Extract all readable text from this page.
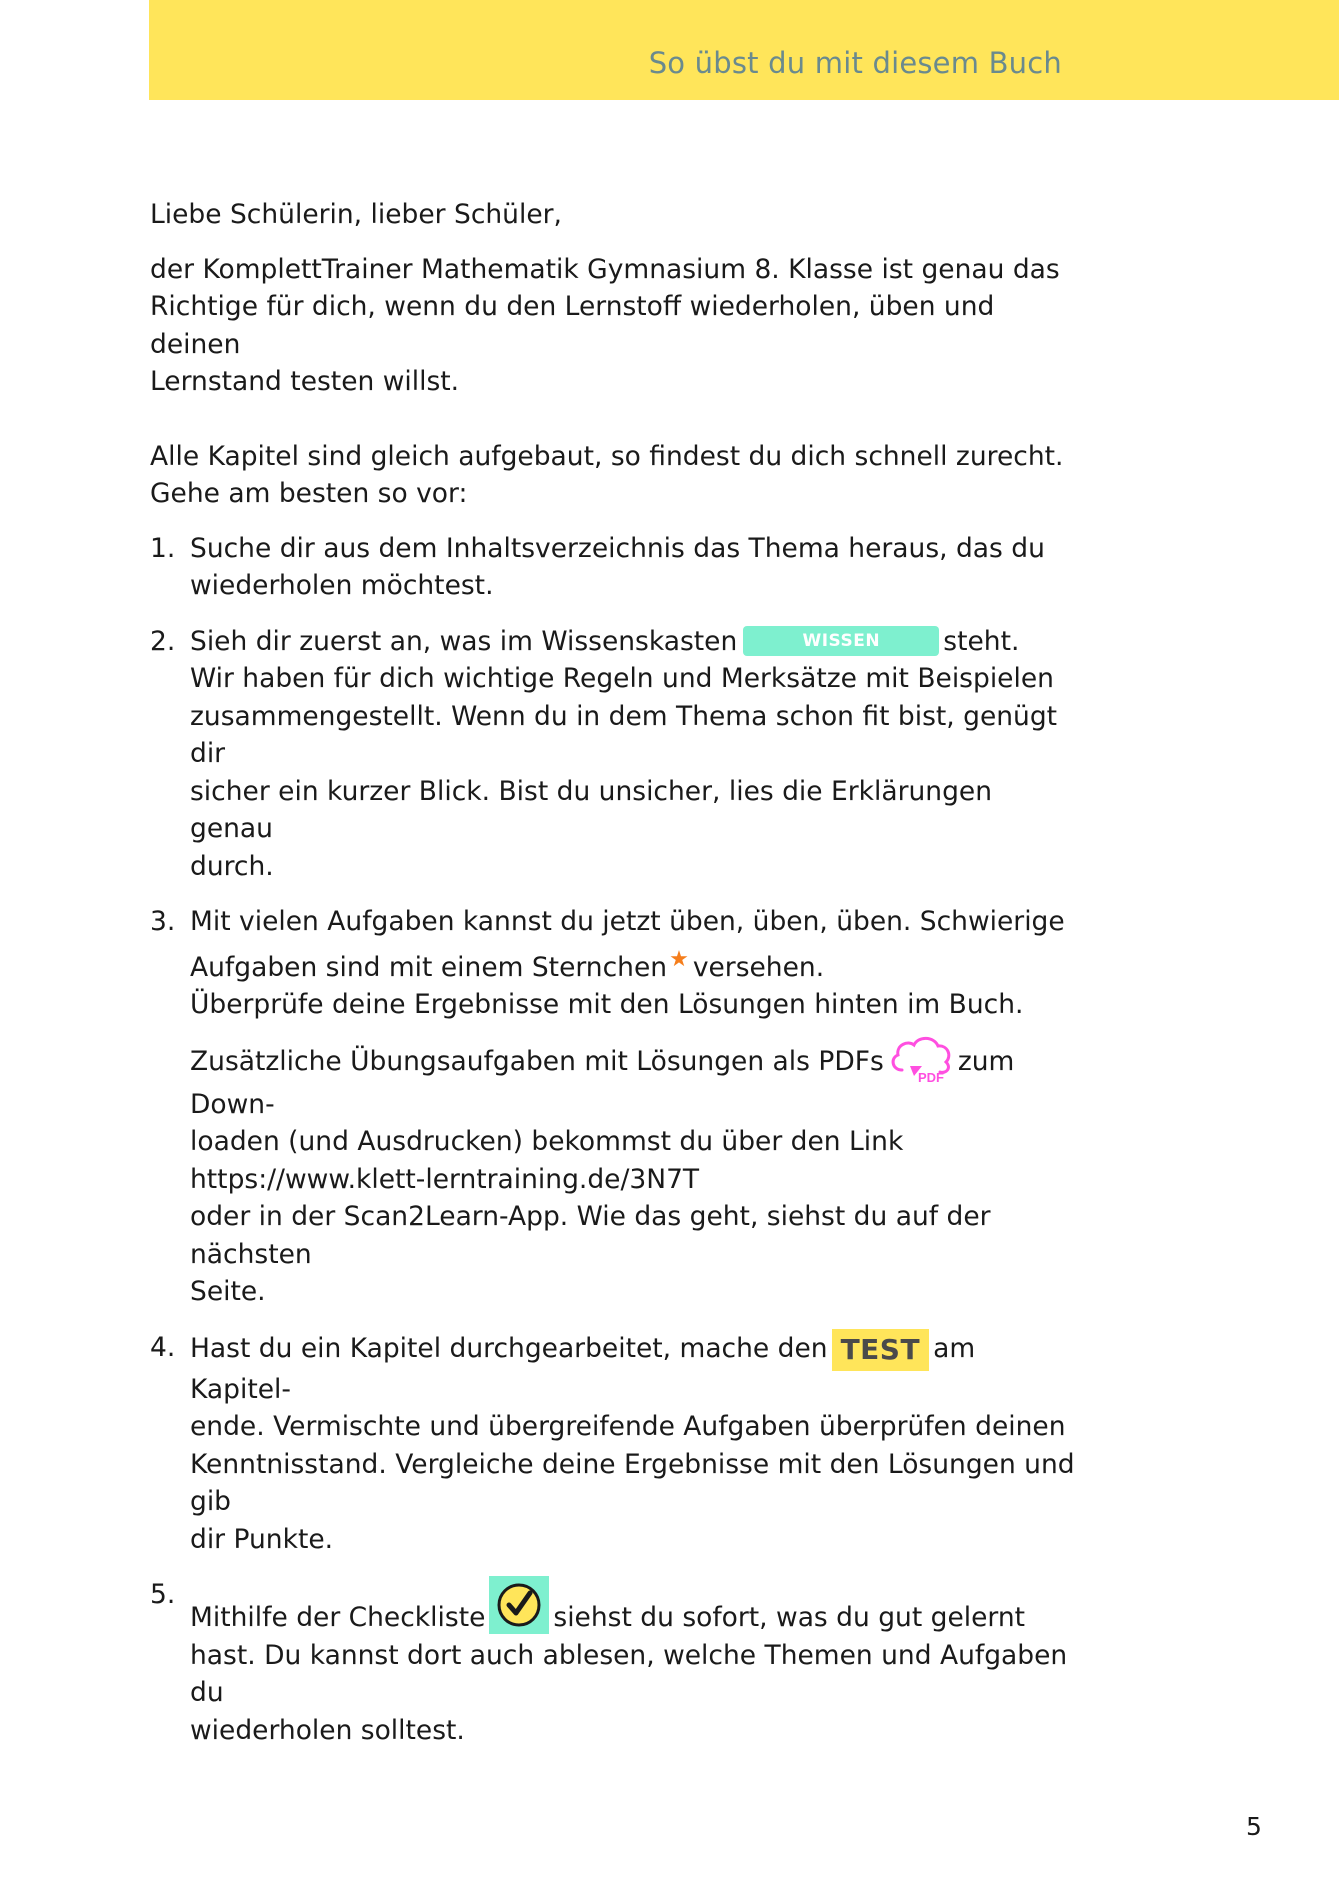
So übst du mit diesem Buch

Liebe Schülerin, lieber Schüler,

der KomplettTrainer Mathematik Gymnasium 8. Klasse ist genau das
Richtige für dich, wenn du den Lernstoff wiederholen, üben und deinen
Lernstand testen willst.

Alle Kapitel sind gleich aufgebaut, so findest du dich schnell zurecht.
Gehe am besten so vor:

1. Suche dir aus dem Inhaltsverzeichnis das Thema heraus, das du
wiederholen möchtest.
2. Sieh dir zuerst an, was im Wissenskasten	WISSEN steht.
Wir haben für dich wichtige Regeln und Merksätze mit Beispielen
zusammengestellt. Wenn du in dem Thema schon fit bist, genügt dir
sicher ein kurzer Blick. Bist du unsicher, lies die Erklärungen genau
durch.
3. Mit vielen Aufgaben kannst du jetzt üben, üben, üben. Schwierige
Aufgaben sind mit einem Sternchen★ versehen.
Überprüfe deine Ergebnisse mit den Lösungen hinten im Buch.
Zusätzliche Übungsaufgaben mit Lösungen als PDFs
PDF
zum Down-
loaden (und Ausdrucken) bekommst du über den Link
https://www.klett-lerntraining.de/3N7T
oder in der Scan2Learn-App. Wie das geht, siehst du auf der nächsten
Seite.
4. Hast du ein Kapitel durchgearbeitet, mache den TEST am Kapitel-
ende. Vermischte und übergreifende Aufgaben überprüfen deinen
Kenntnisstand. Vergleiche deine Ergebnisse mit den Lösungen und gib
dir Punkte.
5.
Mithilfe der Checkliste	siehst du sofort, was du gut gelernt
hast. Du kannst dort auch ablesen, welche Themen und Aufgaben du
wiederholen solltest.
5
